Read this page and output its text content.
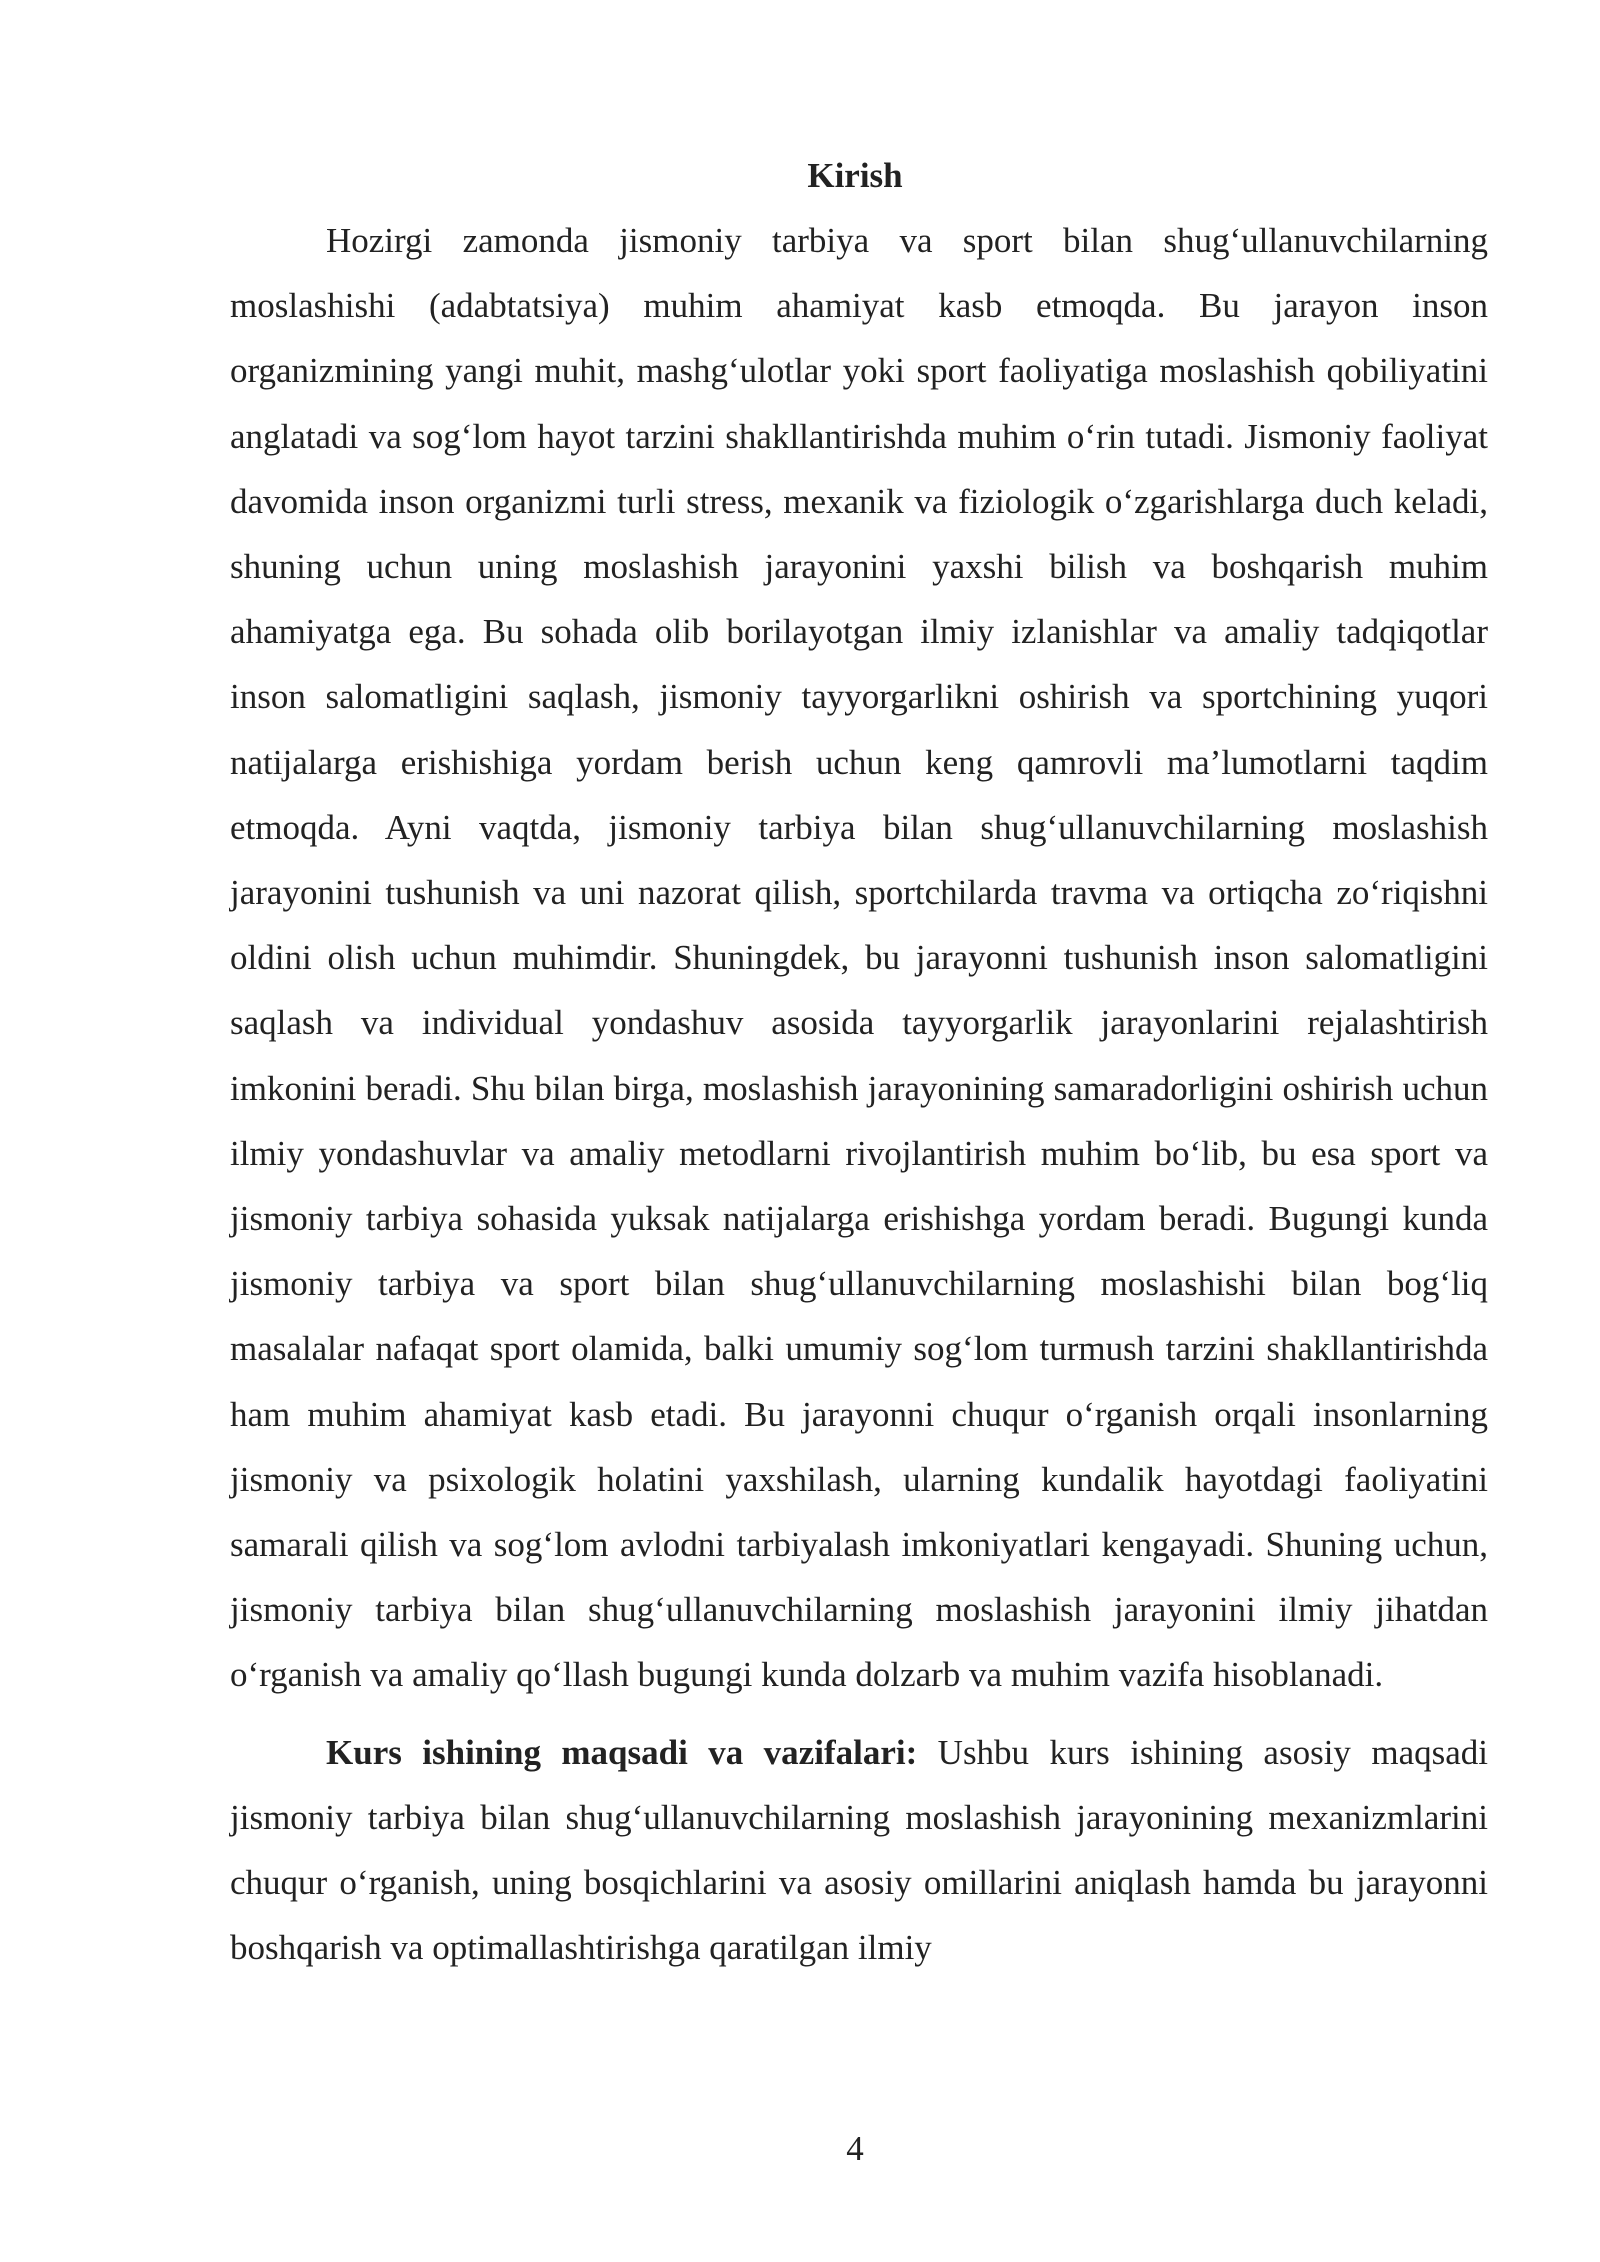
Kirish

Hozirgi zamonda jismoniy tarbiya va sport bilan shug‘ullanuvchilarning moslashishi (adabtatsiya) muhim ahamiyat kasb etmoqda. Bu jarayon inson organizmining yangi muhit, mashg‘ulotlar yoki sport faoliyatiga moslashish qobiliyatini anglatadi va sog‘lom hayot tarzini shakllantirishda muhim o‘rin tutadi. Jismoniy faoliyat davomida inson organizmi turli stress, mexanik va fiziologik o‘zgarishlarga duch keladi, shuning uchun uning moslashish jarayonini yaxshi bilish va boshqarish muhim ahamiyatga ega. Bu sohada olib borilayotgan ilmiy izlanishlar va amaliy tadqiqotlar inson salomatligini saqlash, jismoniy tayyorgarlikni oshirish va sportchining yuqori natijalarga erishishiga yordam berish uchun keng qamrovli ma’lumotlarni taqdim etmoqda. Ayni vaqtda, jismoniy tarbiya bilan shug‘ullanuvchilarning moslashish jarayonini tushunish va uni nazorat qilish, sportchilarda travma va ortiqcha zo‘riqishni oldini olish uchun muhimdir. Shuningdek, bu jarayonni tushunish inson salomatligini saqlash va individual yondashuv asosida tayyorgarlik jarayonlarini rejalashtirish imkonini beradi. Shu bilan birga, moslashish jarayonining samaradorligini oshirish uchun ilmiy yondashuvlar va amaliy metodlarni rivojlantirish muhim bo‘lib, bu esa sport va jismoniy tarbiya sohasida yuksak natijalarga erishishga yordam beradi. Bugungi kunda jismoniy tarbiya va sport bilan shug‘ullanuvchilarning moslashishi bilan bog‘liq masalalar nafaqat sport olamida, balki umumiy sog‘lom turmush tarzini shakllantirishda ham muhim ahamiyat kasb etadi. Bu jarayonni chuqur o‘rganish orqali insonlarning jismoniy va psixologik holatini yaxshilash, ularning kundalik hayotdagi faoliyatini samarali qilish va sog‘lom avlodni tarbiyalash imkoniyatlari kengayadi. Shuning uchun, jismoniy tarbiya bilan shug‘ullanuvchilarning moslashish jarayonini ilmiy jihatdan o‘rganish va amaliy qo‘llash bugungi kunda dolzarb va muhim vazifa hisoblanadi.

Kurs ishining maqsadi va vazifalari: Ushbu kurs ishining asosiy maqsadi jismoniy tarbiya bilan shug‘ullanuvchilarning moslashish jarayonining mexanizmlarini chuqur o‘rganish, uning bosqichlarini va asosiy omillarini aniqlash hamda bu jarayonni boshqarish va optimallashtirishga qaratilgan ilmiy

4
